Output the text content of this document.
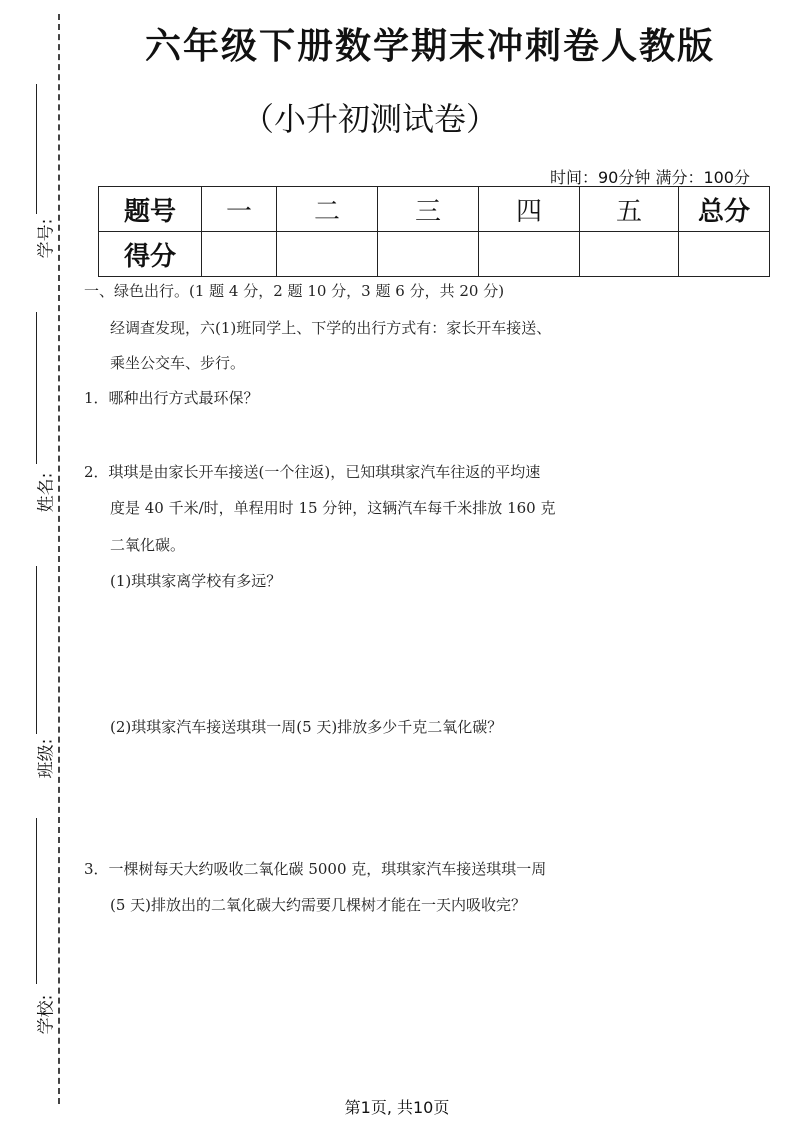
学号:
姓名:
班级:
学校:
六年级下册数学期末冲刺卷人教版
（小升初测试卷）
时间：90分钟 满分：100分
题号	一	二	三	四	五	总分
得分						
一、绿色出行。(1 题 4 分，2 题 10 分，3 题 6 分，共 20 分)
经调查发现，六(1)班同学上、下学的出行方式有：家长开车接送、
乘坐公交车、步行。
1．哪种出行方式最环保？
2．琪琪是由家长开车接送(一个往返)，已知琪琪家汽车往返的平均速
度是 40 千米/时，单程用时 15 分钟，这辆汽车每千米排放 160 克
二氧化碳。
(1)琪琪家离学校有多远？
(2)琪琪家汽车接送琪琪一周(5 天)排放多少千克二氧化碳？
3．一棵树每天大约吸收二氧化碳 5000 克，琪琪家汽车接送琪琪一周
(5 天)排放出的二氧化碳大约需要几棵树才能在一天内吸收完？
第1页, 共10页
